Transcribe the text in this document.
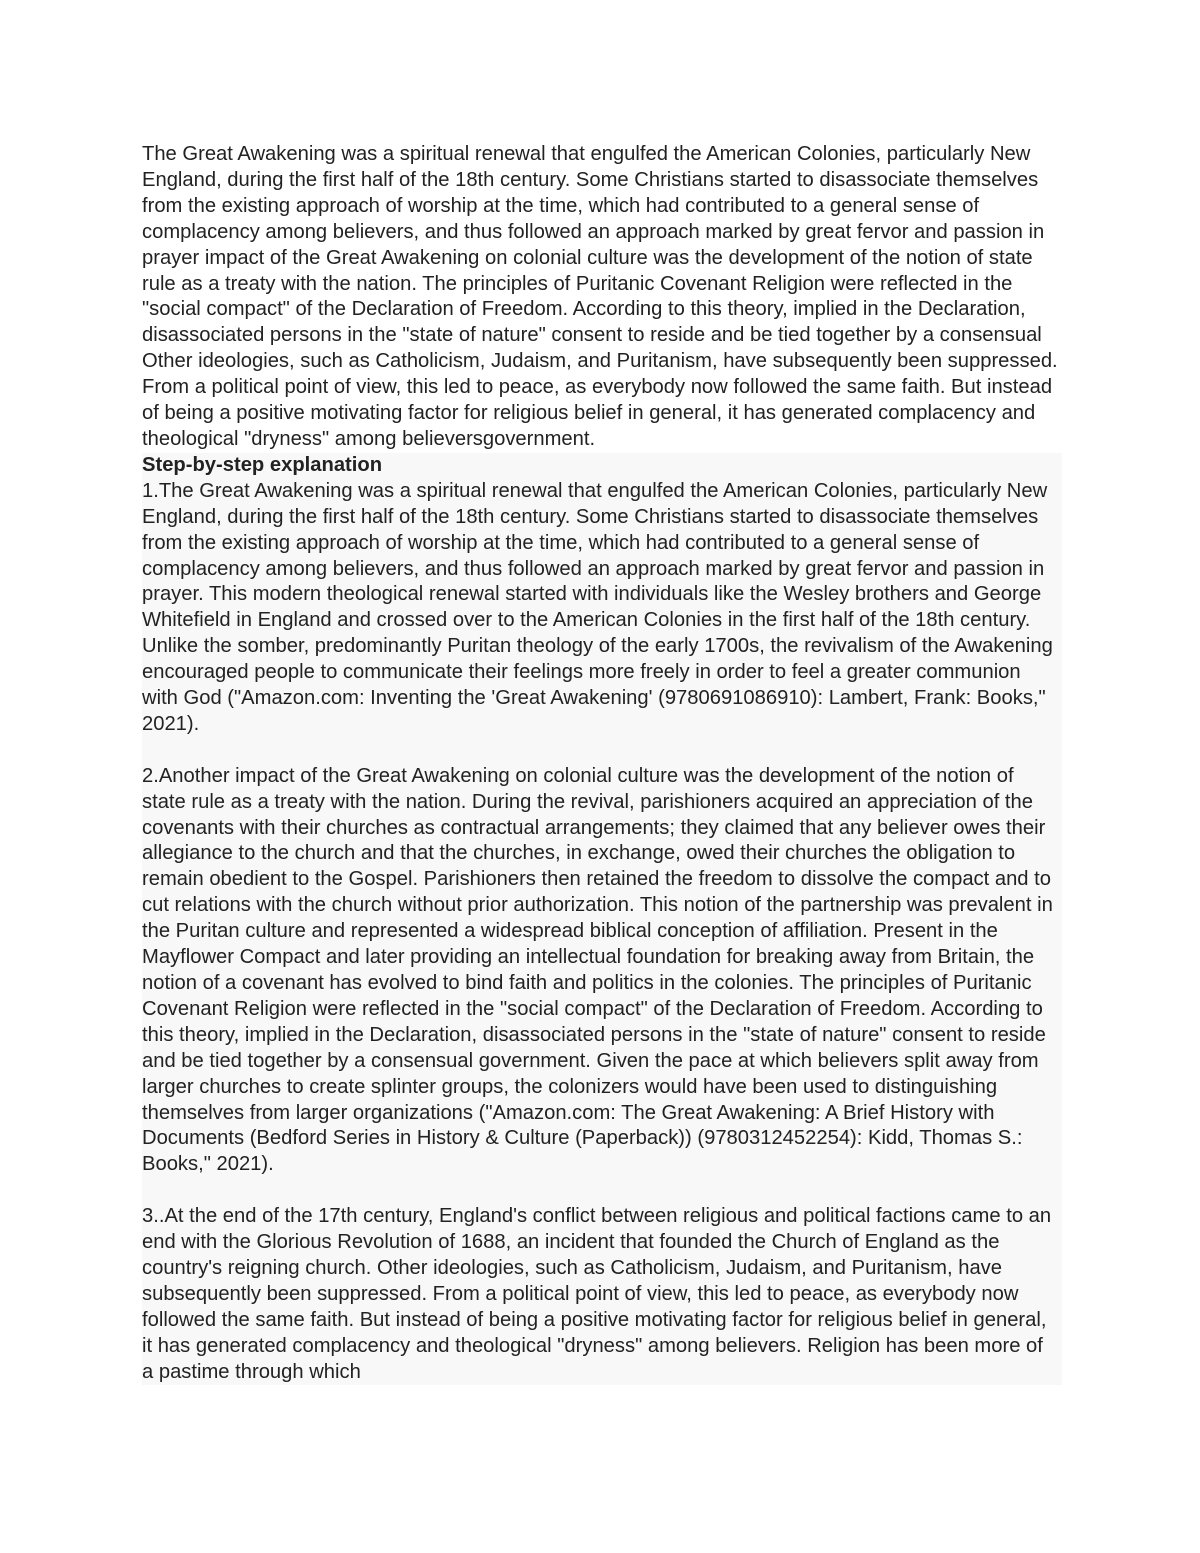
The Great Awakening was a spiritual renewal that engulfed the American Colonies, particularly New England, during the first half of the 18th century. Some Christians started to disassociate themselves from the existing approach of worship at the time, which had contributed to a general sense of complacency among believers, and thus followed an approach marked by great fervor and passion in prayer impact of the Great Awakening on colonial culture was the development of the notion of state rule as a treaty with the nation. The principles of Puritanic Covenant Religion were reflected in the "social compact" of the Declaration of Freedom. According to this theory, implied in the Declaration, disassociated persons in the "state of nature" consent to reside and be tied together by a consensual Other ideologies, such as Catholicism, Judaism, and Puritanism, have subsequently been suppressed. From a political point of view, this led to peace, as everybody now followed the same faith. But instead of being a positive motivating factor for religious belief in general, it has generated complacency and theological "dryness" among believersgovernment.

Step-by-step explanation

1.The Great Awakening was a spiritual renewal that engulfed the American Colonies, particularly New England, during the first half of the 18th century. Some Christians started to disassociate themselves from the existing approach of worship at the time, which had contributed to a general sense of complacency among believers, and thus followed an approach marked by great fervor and passion in prayer. This modern theological renewal started with individuals like the Wesley brothers and George Whitefield in England and crossed over to the American Colonies in the first half of the 18th century. Unlike the somber, predominantly Puritan theology of the early 1700s, the revivalism of the Awakening encouraged people to communicate their feelings more freely in order to feel a greater communion with God ("Amazon.com: Inventing the 'Great Awakening' (9780691086910): Lambert, Frank: Books," 2021).

2.Another impact of the Great Awakening on colonial culture was the development of the notion of state rule as a treaty with the nation. During the revival, parishioners acquired an appreciation of the covenants with their churches as contractual arrangements; they claimed that any believer owes their allegiance to the church and that the churches, in exchange, owed their churches the obligation to remain obedient to the Gospel. Parishioners then retained the freedom to dissolve the compact and to cut relations with the church without prior authorization. This notion of the partnership was prevalent in the Puritan culture and represented a widespread biblical conception of affiliation. Present in the Mayflower Compact and later providing an intellectual foundation for breaking away from Britain, the notion of a covenant has evolved to bind faith and politics in the colonies. The principles of Puritanic Covenant Religion were reflected in the "social compact" of the Declaration of Freedom. According to this theory, implied in the Declaration, disassociated persons in the "state of nature" consent to reside and be tied together by a consensual government. Given the pace at which believers split away from larger churches to create splinter groups, the colonizers would have been used to distinguishing themselves from larger organizations ("Amazon.com: The Great Awakening: A Brief History with Documents (Bedford Series in History & Culture (Paperback)) (9780312452254): Kidd, Thomas S.: Books," 2021).

3..At the end of the 17th century, England's conflict between religious and political factions came to an end with the Glorious Revolution of 1688, an incident that founded the Church of England as the country's reigning church. Other ideologies, such as Catholicism, Judaism, and Puritanism, have subsequently been suppressed. From a political point of view, this led to peace, as everybody now followed the same faith. But instead of being a positive motivating factor for religious belief in general, it has generated complacency and theological "dryness" among believers. Religion has been more of a pastime through which
